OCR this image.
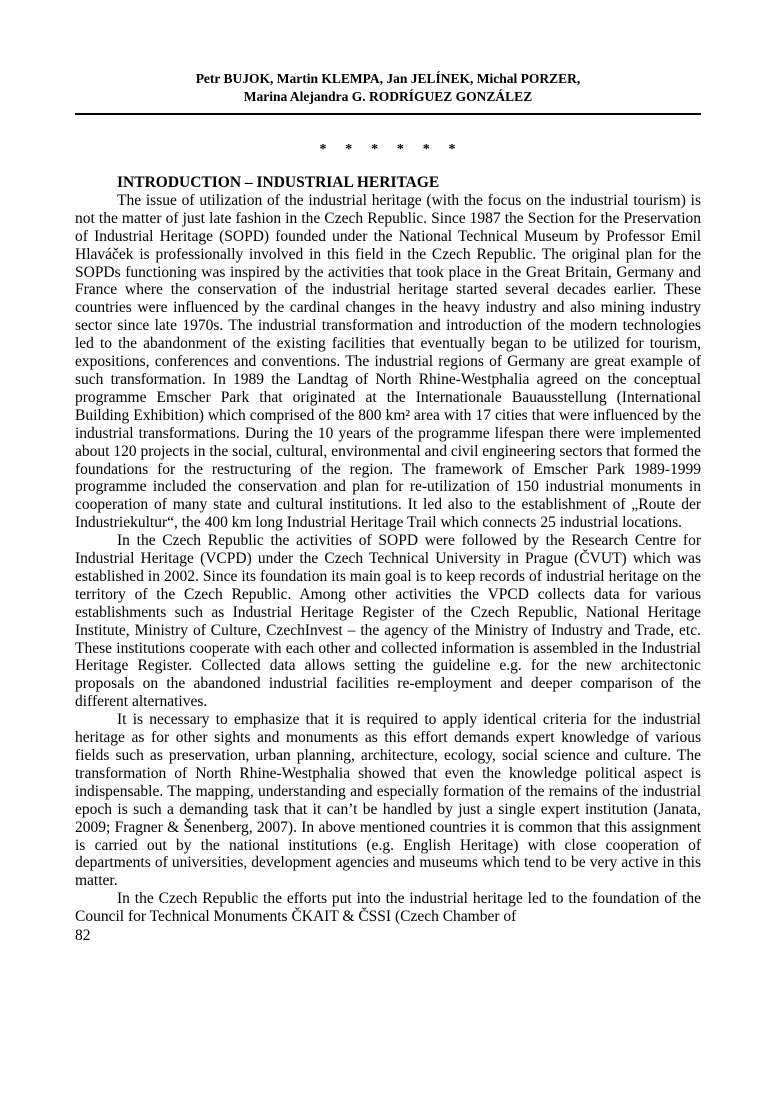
Petr BUJOK, Martin KLEMPA, Jan JELÍNEK, Michal PORZER,
Marina Alejandra G. RODRÍGUEZ GONZÁLEZ
* * * * * *
INTRODUCTION – INDUSTRIAL HERITAGE

The issue of utilization of the industrial heritage (with the focus on the industrial tourism) is not the matter of just late fashion in the Czech Republic. Since 1987 the Section for the Preservation of Industrial Heritage (SOPD) founded under the National Technical Museum by Professor Emil Hlaváček is professionally involved in this field in the Czech Republic. The original plan for the SOPDs functioning was inspired by the activities that took place in the Great Britain, Germany and France where the conservation of the industrial heritage started several decades earlier. These countries were influenced by the cardinal changes in the heavy industry and also mining industry sector since late 1970s. The industrial transformation and introduction of the modern technologies led to the abandonment of the existing facilities that eventually began to be utilized for tourism, expositions, conferences and conventions. The industrial regions of Germany are great example of such transformation. In 1989 the Landtag of North Rhine-Westphalia agreed on the conceptual programme Emscher Park that originated at the Internationale Bauausstellung (International Building Exhibition) which comprised of the 800 km² area with 17 cities that were influenced by the industrial transformations. During the 10 years of the programme lifespan there were implemented about 120 projects in the social, cultural, environmental and civil engineering sectors that formed the foundations for the restructuring of the region. The framework of Emscher Park 1989-1999 programme included the conservation and plan for re-utilization of 150 industrial monuments in cooperation of many state and cultural institutions. It led also to the establishment of „Route der Industriekultur“, the 400 km long Industrial Heritage Trail which connects 25 industrial locations.

In the Czech Republic the activities of SOPD were followed by the Research Centre for Industrial Heritage (VCPD) under the Czech Technical University in Prague (ČVUT) which was established in 2002. Since its foundation its main goal is to keep records of industrial heritage on the territory of the Czech Republic. Among other activities the VPCD collects data for various establishments such as Industrial Heritage Register of the Czech Republic, National Heritage Institute, Ministry of Culture, CzechInvest – the agency of the Ministry of Industry and Trade, etc. These institutions cooperate with each other and collected information is assembled in the Industrial Heritage Register. Collected data allows setting the guideline e.g. for the new architectonic proposals on the abandoned industrial facilities re-employment and deeper comparison of the different alternatives.

It is necessary to emphasize that it is required to apply identical criteria for the industrial heritage as for other sights and monuments as this effort demands expert knowledge of various fields such as preservation, urban planning, architecture, ecology, social science and culture. The transformation of North Rhine-Westphalia showed that even the knowledge political aspect is indispensable. The mapping, understanding and especially formation of the remains of the industrial epoch is such a demanding task that it can’t be handled by just a single expert institution (Janata, 2009; Fragner & Šenenberg, 2007). In above mentioned countries it is common that this assignment is carried out by the national institutions (e.g. English Heritage) with close cooperation of departments of universities, development agencies and museums which tend to be very active in this matter.

In the Czech Republic the efforts put into the industrial heritage led to the foundation of the Council for Technical Monuments ČKAIT & ČSSI (Czech Chamber of

82
